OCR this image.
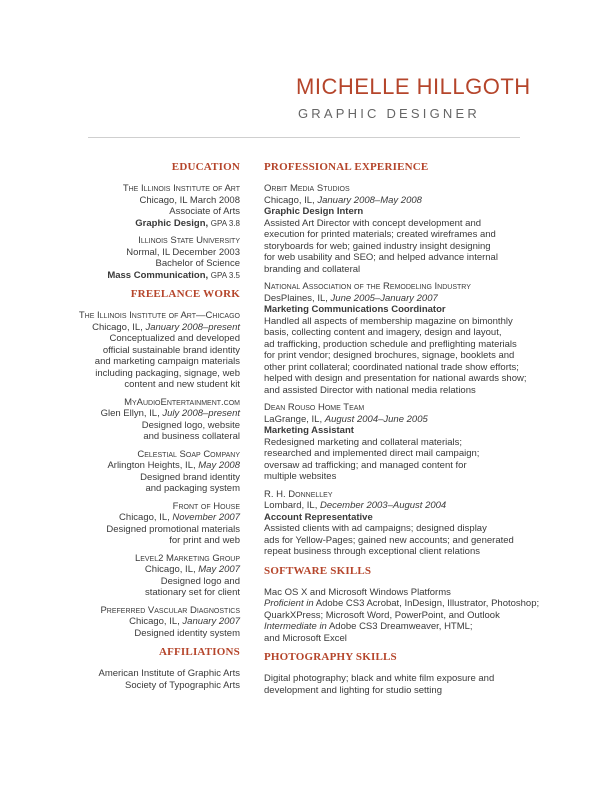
MICHELLE HILLGOTH
GRAPHIC DESIGNER
EDUCATION
The Illinois Institute of Art
Chicago, IL March 2008
Associate of Arts
Graphic Design, GPA 3.8
Illinois State University
Normal, IL December 2003
Bachelor of Science
Mass Communication, GPA 3.5
FREELANCE WORK
The Illinois Institute of Art—Chicago
Chicago, IL, January 2008–present
Conceptualized and developed
official sustainable brand identity
and marketing campaign materials
including packaging, signage, web
content and new student kit
MyAudioEntertainment.com
Glen Ellyn, IL, July 2008–present
Designed logo, website
and business collateral
Celestial Soap Company
Arlington Heights, IL, May 2008
Designed brand identity
and packaging system
Front of House
Chicago, IL, November 2007
Designed promotional materials
for print and web
Level2 Marketing Group
Chicago, IL, May 2007
Designed logo and
stationary set for client
Preferred Vascular Diagnostics
Chicago, IL, January 2007
Designed identity system
AFFILIATIONS
American Institute of Graphic Arts
Society of Typographic Arts
PROFESSIONAL EXPERIENCE
Orbit Media Studios
Chicago, IL, January 2008–May 2008
Graphic Design Intern
Assisted Art Director with concept development and
execution for printed materials; created wireframes and
storyboards for web; gained industry insight designing
for web usability and SEO; and helped advance internal
branding and collateral
National Association of the Remodeling Industry
DesPlaines, IL, June 2005–January 2007
Marketing Communications Coordinator
Handled all aspects of membership magazine on bimonthly
basis, collecting content and imagery, design and layout,
ad trafficking, production schedule and preflighting materials
for print vendor; designed brochures, signage, booklets and
other print collateral; coordinated national trade show efforts;
helped with design and presentation for national awards show;
and assisted Director with national media relations
Dean Rouso Home Team
LaGrange, IL, August 2004–June 2005
Marketing Assistant
Redesigned marketing and collateral materials;
researched and implemented direct mail campaign;
oversaw ad trafficking; and managed content for
multiple websites
R. H. Donnelley
Lombard, IL, December 2003–August 2004
Account Representative
Assisted clients with ad campaigns; designed display
ads for Yellow-Pages; gained new accounts; and generated
repeat business through exceptional client relations
SOFTWARE SKILLS
Mac OS X and Microsoft Windows Platforms
Proficient in Adobe CS3 Acrobat, InDesign, Illustrator, Photoshop;
QuarkXPress; Microsoft Word, PowerPoint, and Outlook
Intermediate in Adobe CS3 Dreamweaver, HTML;
and Microsoft Excel
PHOTOGRAPHY SKILLS
Digital photography; black and white film exposure and
development and lighting for studio setting
